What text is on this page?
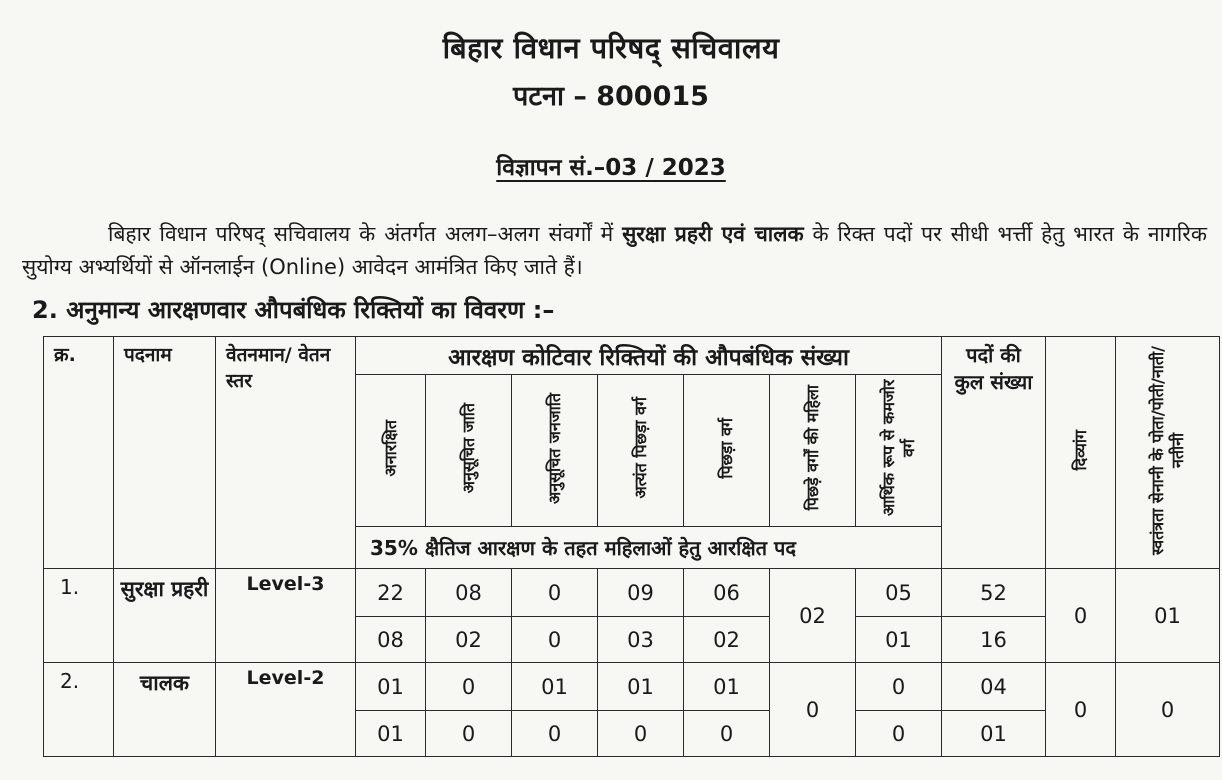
बिहार विधान परिषद् सचिवालय
पटना – 800015
विज्ञापन सं.–03 / 2023
बिहार विधान परिषद् सचिवालय के अंतर्गत अलग–अलग संवर्गों में सुरक्षा प्रहरी एवं चालक के रिक्त पदों पर सीधी भर्त्ती हेतु भारत के नागरिक सुयोग्य अभ्यर्थियों से ऑनलाईन (Online) आवेदन आमंत्रित किए जाते हैं।
2. अनुमान्य आरक्षणवार औपबंधिक रिक्तियों का विवरण :–
क्र.	पदनाम	वेतनमान/ वेतन स्तर	आरक्षण कोटिवार रिक्तियों की औपबंधिक संख्या							पदों की कुल संख्या	दिव्यांग	स्वतंत्रता सेनानी के पोता/पोती/नाती/नतीनी
			अनारक्षित	अनुसूचित जाति	अनुसूचित जनजाति	अत्यंत पिछड़ा वर्ग	पिछड़ा वर्ग	पिछड़े वर्गों की महिला	आर्थिक रूप से कमजोर वर्ग			
			35% क्षैतिज आरक्षण के तहत महिलाओं हेतु आरक्षित पद									
1.	सुरक्षा प्रहरी	Level-3	22	08	0	09	06	02	05	52	0	01
			08	02	0	03	02		01	16		
2.	चालक	Level-2	01	0	01	01	01	0	0	04	0	0
			01	0	0	0	0		0	01		
